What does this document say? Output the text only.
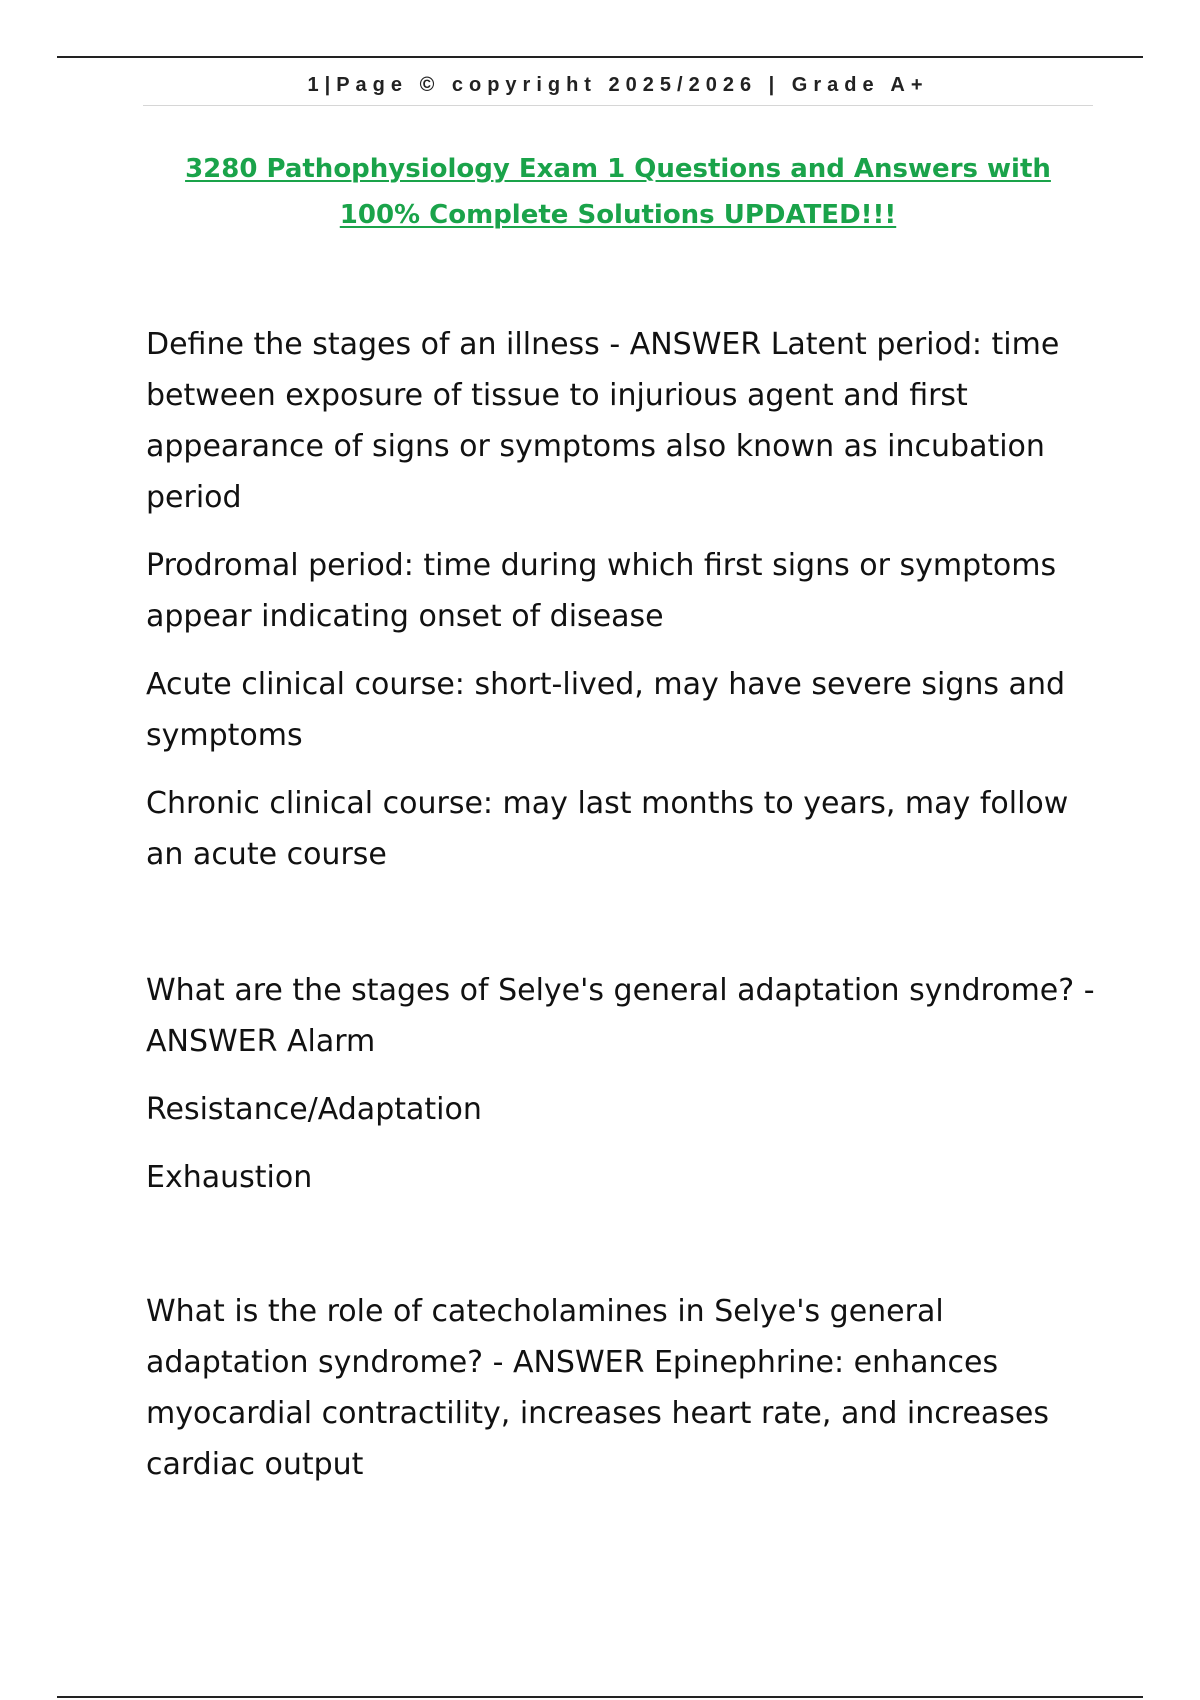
1|Page © copyright 2025/2026 | Grade A+
3280 Pathophysiology Exam 1 Questions and Answers with
100% Complete Solutions UPDATED!!!

Define the stages of an illness - ANSWER Latent period: time between exposure of tissue to injurious agent and first appearance of signs or symptoms also known as incubation period

Prodromal period: time during which first signs or symptoms appear indicating onset of disease

Acute clinical course: short-lived, may have severe signs and symptoms

Chronic clinical course: may last months to years, may follow an acute course

What are the stages of Selye's general adaptation syndrome? - ANSWER Alarm

Resistance/Adaptation

Exhaustion

What is the role of catecholamines in Selye's general adaptation syndrome? - ANSWER Epinephrine: enhances myocardial contractility, increases heart rate, and increases cardiac output
